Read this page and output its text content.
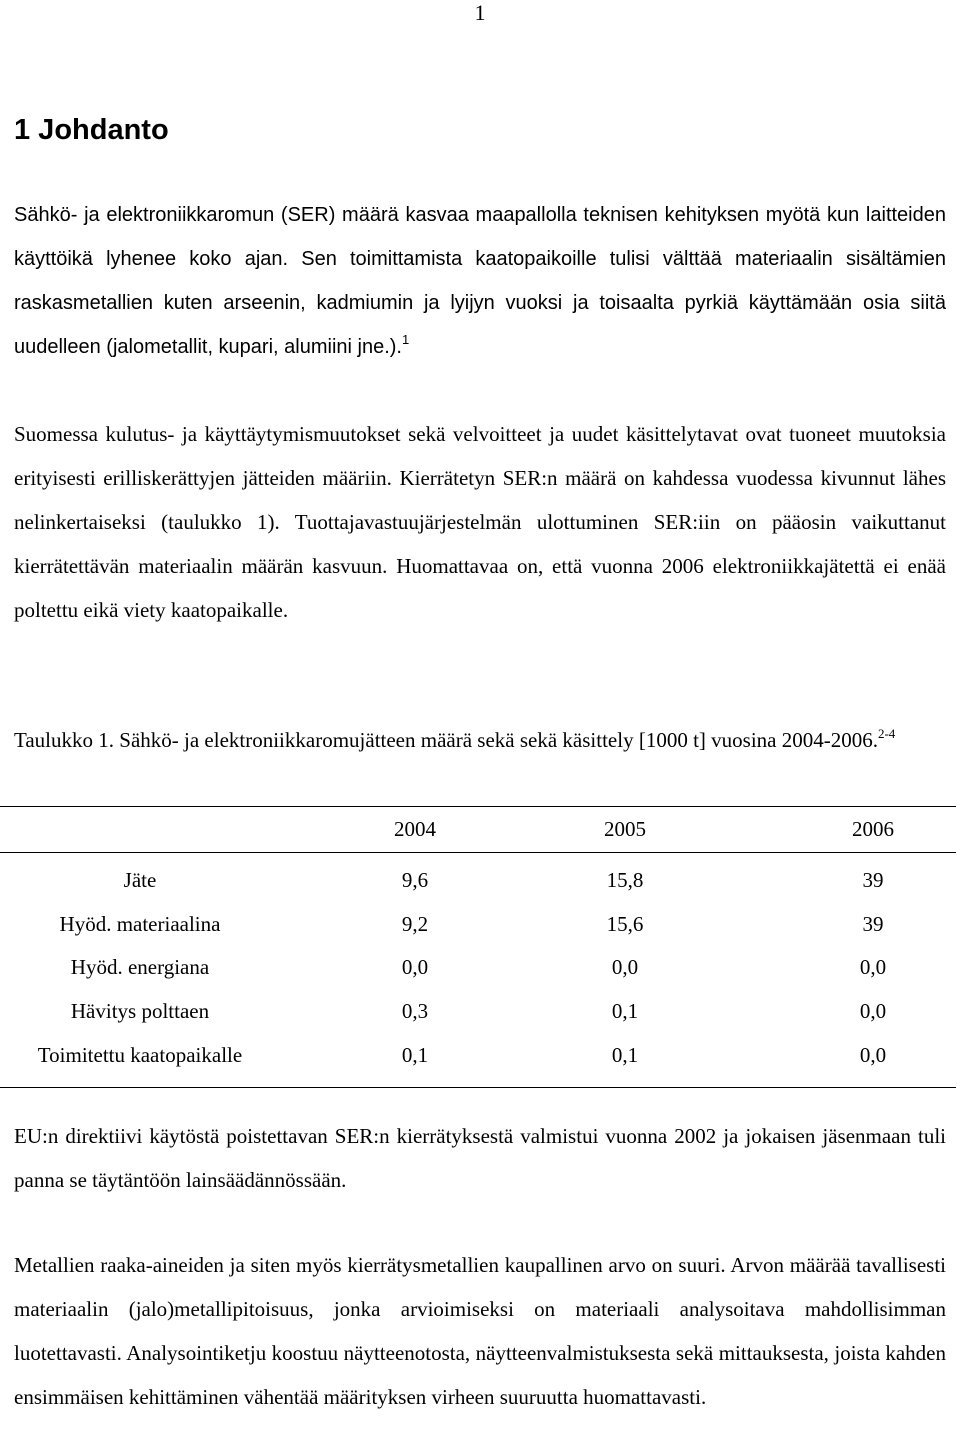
1
1 Johdanto

Sähkö- ja elektroniikkaromun (SER) määrä kasvaa maapallolla teknisen kehityksen myötä kun laitteiden käyttöikä lyhenee koko ajan. Sen toimittamista kaatopaikoille tulisi välttää materiaalin sisältämien raskasmetallien kuten arseenin, kadmiumin ja lyijyn vuoksi ja toisaalta pyrkiä käyttämään osia siitä uudelleen (jalometallit, kupari, alumiini jne.).$^1$

Suomessa kulutus- ja käyttäytymismuutokset sekä velvoitteet ja uudet käsittelytavat ovat tuoneet muutoksia erityisesti erilliskerättyjen jätteiden määriin. Kierrätetyn SER:n määrä on kahdessa vuodessa kivunnut lähes nelinkertaiseksi (taulukko 1). Tuottajavastuujärjestelmän ulottuminen SER:iin on pääosin vaikuttanut kierrätettävän materiaalin määrän kasvuun. Huomattavaa on, että vuonna 2006 elektroniikkajätettä ei enää poltettu eikä viety kaatopaikalle.

Taulukko 1. Sähkö- ja elektroniikkaromujätteen määrä sekä sekä käsittely [1000 t] vuosina 2004-2006.$^{2-4}$

	2004	2005	2006
Jäte	9,6	15,8	39
Hyöd. materiaalina	9,2	15,6	39
Hyöd. energiana	0,0	0,0	0,0
Hävitys polttaen	0,3	0,1	0,0
Toimitettu kaatopaikalle	0,1	0,1	0,0

EU:n direktiivi käytöstä poistettavan SER:n kierrätyksestä valmistui vuonna 2002 ja jokaisen jäsenmaan tuli panna se täytäntöön lainsäädännössään.

Metallien raaka-aineiden ja siten myös kierrätysmetallien kaupallinen arvo on suuri. Arvon määrää tavallisesti materiaalin (jalo)metallipitoisuus, jonka arvioimiseksi on materiaali analysoitava mahdollisimman luotettavasti. Analysointiketju koostuu näytteenotosta, näytteenvalmistuksesta sekä mittauksesta, joista kahden ensimmäisen kehittäminen vähentää määrityksen virheen suuruutta huomattavasti.
